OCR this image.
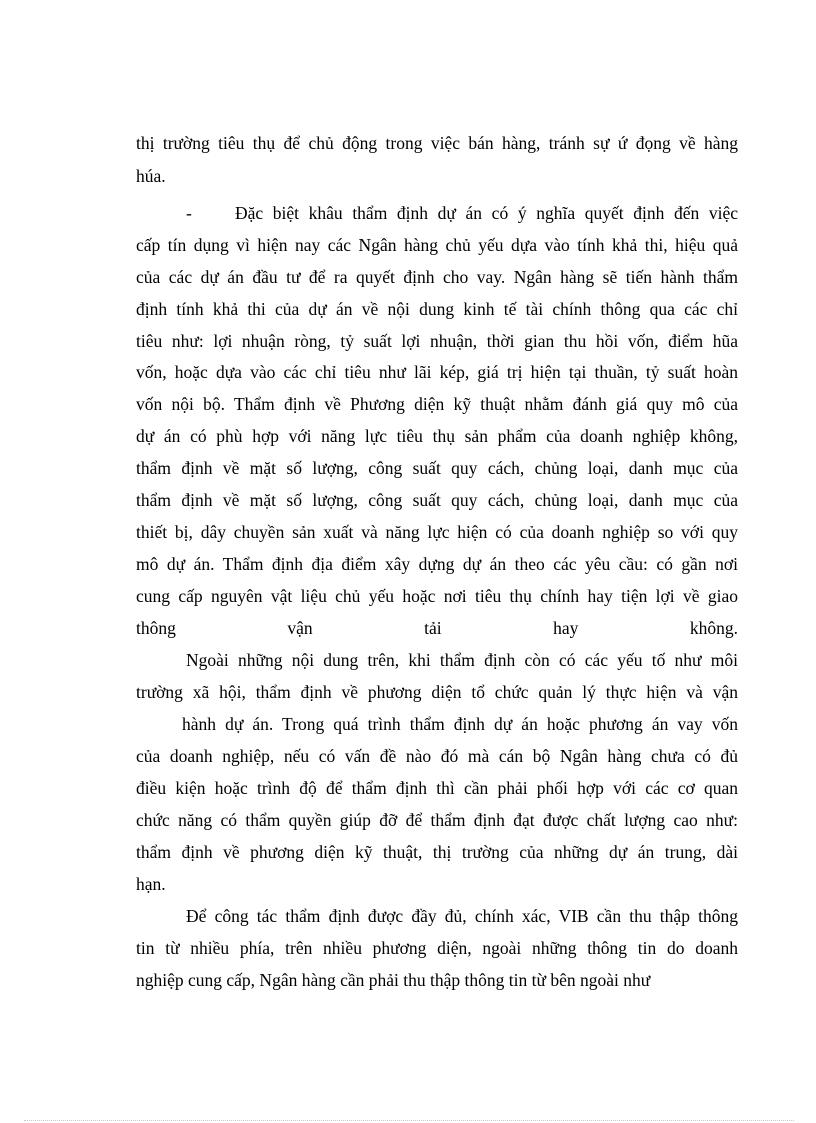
thị trường tiêu thụ để chủ động trong việc bán hàng, tránh sự ứ đọng về hàng
húa.
- Đặc biệt khâu thẩm định dự án có ý nghĩa quyết định đến việc
cấp tín dụng vì hiện nay các Ngân hàng chủ yếu dựa vào tính khả thi, hiệu quả
của các dự án đầu tư để ra quyết định cho vay. Ngân hàng sẽ tiến hành thẩm
định tính khả thi của dự án về nội dung kinh tế tài chính thông qua các chỉ
tiêu như: lợi nhuận ròng, tỷ suất lợi nhuận, thời gian thu hồi vốn, điểm hũa
vốn, hoặc dựa vào các chỉ tiêu như lãi kép, giá trị hiện tại thuần, tỷ suất hoàn
vốn nội bộ. Thẩm định về Phương diện kỹ thuật nhằm đánh giá quy mô của
dự án có phù hợp với năng lực tiêu thụ sản phẩm của doanh nghiệp không,
thẩm định về mặt số lượng, công suất quy cách, chủng loại, danh mục của
thẩm định về mặt số lượng, công suất quy cách, chủng loại, danh mục của
thiết bị, dây chuyền sản xuất và năng lực hiện có của doanh nghiệp so với quy
mô dự án. Thẩm định địa điểm xây dựng dự án theo các yêu cầu: có gần nơi
cung cấp nguyên vật liệu chủ yếu hoặc nơi tiêu thụ chính hay tiện lợi về giao
thông vận tải hay không.
Ngoài những nội dung trên, khi thẩm định còn có các yếu tố như môi
trường xã hội, thẩm định về phương diện tổ chức quản lý thực hiện và vận
hành dự án. Trong quá trình thẩm định dự án hoặc phương án vay vốn
của doanh nghiệp, nếu có vấn đề nào đó mà cán bộ Ngân hàng chưa có đủ
điều kiện hoặc trình độ để thẩm định thì cần phải phối hợp với các cơ quan
chức năng có thẩm quyền giúp đỡ để thẩm định đạt được chất lượng cao như:
thẩm định về phương diện kỹ thuật, thị trường của những dự án trung, dài
hạn.
Để công tác thẩm định được đầy đủ, chính xác, VIB cần thu thập thông
tin từ nhiều phía, trên nhiều phương diện, ngoài những thông tin do doanh
nghiệp cung cấp, Ngân hàng cần phải thu thập thông tin từ bên ngoài như
